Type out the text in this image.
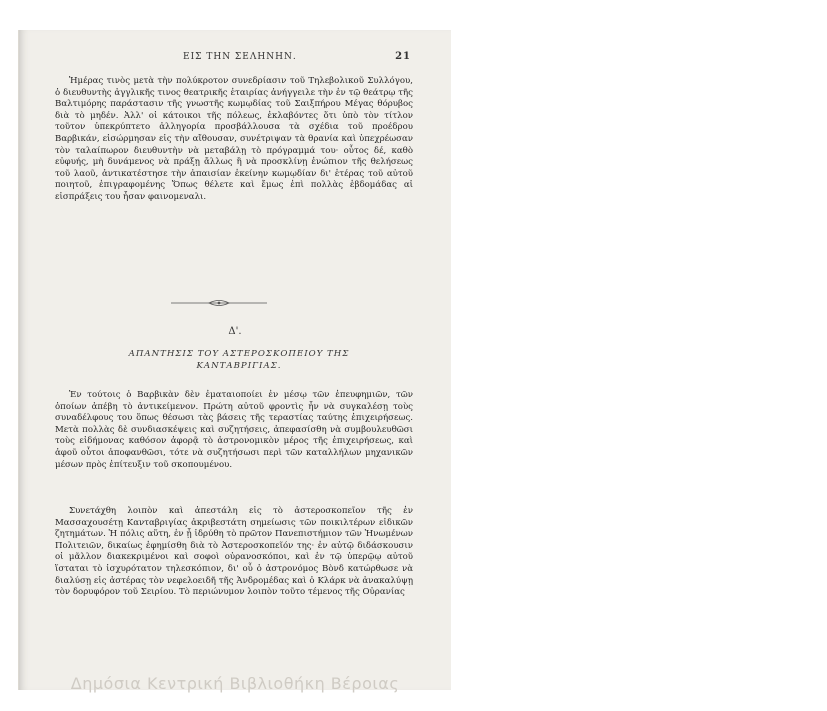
ΕΙΣ ΤΗΝ ΣΕΛΗΝΗΝ.	21

Ἡμέρας τινὸς μετὰ τὴν πολύκροτον συνεδρίασιν τοῦ Τηλεβολικοῦ Συλλόγου, ὁ διευθυντὴς ἀγγλικῆς τινος θεατρικῆς ἑταιρίας ἀνήγγειλε τὴν ἐν τῷ θεάτρῳ τῆς Βαλτιμόρης παράστασιν τῆς γνωστῆς κωμῳδίας τοῦ Σαιξπήρου Μέγας θόρυβος διὰ τὸ μηδέν. Ἀλλ' οἱ κάτοικοι τῆς πόλεως, ἐκλαβόντες ὅτι ὑπὸ τὸν τίτλον τοῦτον ὑπεκρύπτετο ἀλληγορία προσβάλλουσα τὰ σχέδια τοῦ προέδρου Βαρβικάν, εἰσώρμησαν εἰς τὴν αἴθουσαν, συνέτριψαν τὰ θρανία καὶ ὑπεχρέωσαν τὸν ταλαίπωρον διευθυντὴν νὰ μεταβάλῃ τὸ πρόγραμμά του· οὗτος δέ, καθὸ εὐφυής, μὴ δυνάμενος νὰ πράξῃ ἄλλως ἢ νὰ προσκλίνῃ ἐνώπιον τῆς θελήσεως τοῦ λαοῦ, ἀντικατέστησε τὴν ἀπαισίαν ἐκείνην κωμῳδίαν δι' ἑτέρας τοῦ αὐτοῦ ποιητοῦ, ἐπιγραφομένης Ὅπως θέλετε καὶ ἔμως ἐπὶ πολλὰς ἑβδομάδας αἱ εἰσπράξεις του ἦσαν φαινομεναλι.

Δ'.
ΑΠΑΝΤΗΣΙΣ ΤΟΥ ΑΣΤΕΡΟΣΚΟΠΕΙΟΥ ΤΗΣ ΚΑΝΤΑΒΡΙΓΙΑΣ.

Ἐν τούτοις ὁ Βαρβικὰν δὲν ἐματαιοποίει ἐν μέσῳ τῶν ἐπευφημιῶν, τῶν ὁποίων ἀπέβη τὸ ἀντικείμενον. Πρώτη αὐτοῦ φροντὶς ἦν νὰ συγκαλέσῃ τοὺς συναδέλφους του ὅπως θέσωσι τὰς βάσεις τῆς τεραστίας ταύτης ἐπιχειρήσεως. Μετὰ πολλὰς δὲ συνδιασκέψεις καὶ συζητήσεις, ἀπεφασίσθη νὰ συμβουλευθῶσι τοὺς εἰδήμονας καθόσον ἀφορᾷ τὸ ἀστρονομικὸν μέρος τῆς ἐπιχειρήσεως, καὶ ἀφοῦ οὗτοι ἀποφανθῶσι, τότε νὰ συζητήσωσι περὶ τῶν καταλλήλων μηχανικῶν μέσων πρὸς ἐπίτευξιν τοῦ σκοπουμένου.

Συνετάχθη λοιπὸν καὶ ἀπεστάλη εἰς τὸ ἀστεροσκοπεῖον τῆς ἐν Μασσαχουσέτῃ Κανταβριγίας ἀκριβεστάτη σημείωσις τῶν ποικιλτέρων εἰδικῶν ζητημάτων. Ἡ πόλις αὕτη, ἐν ᾗ ἱδρύθη τὸ πρῶτον Πανεπιστήμιον τῶν Ἡνωμένων Πολιτειῶν, δικαίως ἐφημίσθη διὰ τὸ Ἀστεροσκοπεῖόν της· ἐν αὐτῷ διδάσκουσιν οἱ μᾶλλον διακεκριμένοι καὶ σοφοὶ οὐρανοσκόποι, καὶ ἐν τῷ ὑπερῷῳ αὐτοῦ ἵσταται τὸ ἰσχυρότατον τηλεσκόπιον, δι' οὗ ὁ ἀστρονόμος Βὸνδ κατώρθωσε νὰ διαλύσῃ εἰς ἀστέρας τὸν νεφελοειδῆ τῆς Ἀνδρομέδας καὶ ὁ Κλάρκ νὰ ἀνακαλύψῃ τὸν δορυφόρον τοῦ Σειρίου. Τὸ περιώνυμον λοιπὸν τοῦτο τέμενος τῆς Οὐρανίας

Δημόσια Κεντρική Βιβλιοθήκη Βέροιας
